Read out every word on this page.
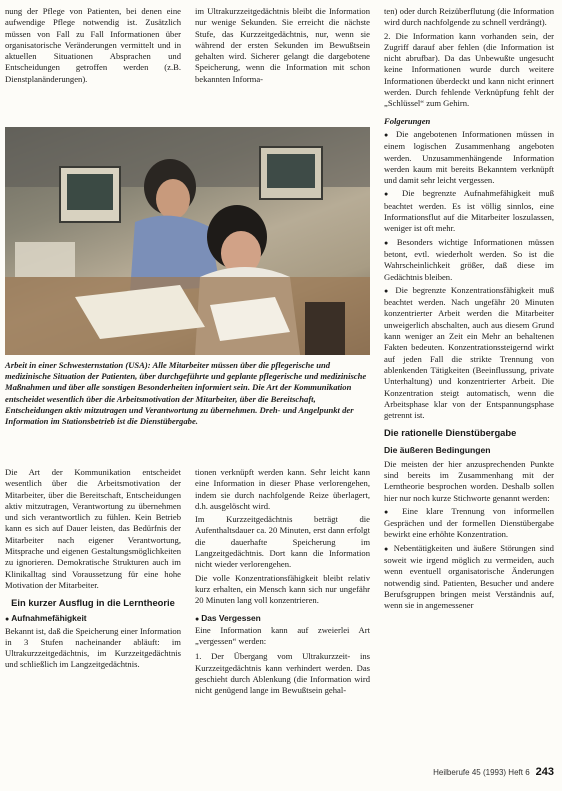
nung der Pflege von Patienten, bei denen eine aufwendige Pflege notwendig ist. Zusätzlich müssen von Fall zu Fall Informationen über organisatorische Veränderungen vermittelt und in aktuellen Situationen Absprachen und Entscheidungen getroffen werden (z.B. Dienstplanänderungen).

im Ultrakurzzeitgedächtnis bleibt die Information nur wenige Sekunden. Sie erreicht die nächste Stufe, das Kurzzeitgedächtnis, nur, wenn sie während der ersten Sekunden im Bewußtsein gehalten wird. Sicherer gelangt die dargebotene Speicherung, wenn die Information mit schon bekannten Informa-

Arbeit in einer Schwesternstation (USA): Alle Mitarbeiter müssen über die pflegerische und medizinische Situation der Patienten, über durchgeführte und geplante pflegerische und medizinische Maßnahmen und über alle sonstigen Besonderheiten informiert sein. Die Art der Kommunikation entscheidet wesentlich über die Arbeitsmotivation der Mitarbeiter, über die Bereitschaft, Entscheidungen aktiv mitzutragen und Verantwortung zu übernehmen. Dreh- und Angelpunkt der Information im Stationsbetrieb ist die Dienstübergabe.

Die Art der Kommunikation entscheidet wesentlich über die Arbeitsmotivation der Mitarbeiter, über die Bereitschaft, Entscheidungen aktiv mitzutragen, Verantwortung zu übernehmen und sich verantwortlich zu fühlen. Kein Betrieb kann es sich auf Dauer leisten, das Bedürfnis der Mitarbeiter nach eigener Verantwortung, Mitsprache und eigenen Gestaltungsmöglichkeiten zu ignorieren. Demokratische Strukturen auch im Klinikalltag sind Voraussetzung für eine hohe Motivation der Mitarbeiter.

Ein kurzer Ausflug in die Lerntheorie

● Aufnahmefähigkeit
Bekannt ist, daß die Speicherung einer Information in 3 Stufen nacheinander abläuft: im Ultrakurzzeitgedächtnis, im Kurzzeitgedächtnis und schließlich im Langzeitgedächtnis.

tionen verknüpft werden kann. Sehr leicht kann eine Information in dieser Phase verlorengehen, indem sie durch nachfolgende Reize überlagert, d.h. ausgelöscht wird.

Im Kurzzeitgedächtnis beträgt die Aufenthaltsdauer ca. 20 Minuten, erst dann erfolgt die dauerhafte Speicherung im Langzeitgedächtnis. Dort kann die Information nicht wieder verlorengehen.

Die volle Konzentrationsfähigkeit bleibt relativ kurz erhalten, ein Mensch kann sich nur ungefähr 20 Minuten lang voll konzentrieren.

● Das Vergessen
Eine Information kann auf zweierlei Art „vergessen“ werden:

1. Der Übergang vom Ultrakurzzeit- ins Kurzzeitgedächtnis kann verhindert werden. Das geschieht durch Ablenkung (die Information wird nicht genügend lange im Bewußtsein gehal-

ten) oder durch Reizüberflutung (die Information wird durch nachfolgende zu schnell verdrängt).

2. Die Information kann vorhanden sein, der Zugriff darauf aber fehlen (die Information ist nicht abrufbar). Da das Unbewußte ungesucht keine Informationen wurde durch weitere Informationen überdeckt und kann nicht erinnert werden. Durch fehlende Verknüpfung fehlt der „Schlüssel“ zum Gehirn.

Folgerungen

● Die angebotenen Informationen müssen in einem logischen Zusammenhang angeboten werden. Unzusammenhängende Information werden kaum mit bereits Bekanntem verknüpft und damit sehr leicht vergessen.

● Die begrenzte Aufnahmefähigkeit muß beachtet werden. Es ist völlig sinnlos, eine Informationsflut auf die Mitarbeiter loszulassen, weniger ist oft mehr.

● Besonders wichtige Informationen müssen betont, evtl. wiederholt werden. So ist die Wahrscheinlichkeit größer, daß diese im Gedächtnis bleiben.

● Die begrenzte Konzentrationsfähigkeit muß beachtet werden. Nach ungefähr 20 Minuten konzentrierter Arbeit werden die Mitarbeiter unweigerlich abschalten, auch aus diesem Grund kann weniger an Zeit ein Mehr an behaltenen Fakten bedeuten. Konzentrationssteigernd wirkt auf jeden Fall die strikte Trennung von ablenkenden Tätigkeiten (Beeinflussung, private Unterhaltung) und konzentrierter Arbeit. Die Konzentration steigt automatisch, wenn die Arbeitsphase klar von der Entspannungsphase getrennt ist.

Die rationelle Dienstübergabe
Die äußeren Bedingungen

Die meisten der hier anzusprechenden Punkte sind bereits im Zusammenhang mit der Lerntheorie besprochen worden. Deshalb sollen hier nur noch kurze Stichworte genannt werden:

● Eine klare Trennung von informellen Gesprächen und der formellen Dienstübergabe bewirkt eine erhöhte Konzentration.

● Nebentätigkeiten und äußere Störungen sind soweit wie irgend möglich zu vermeiden, auch wenn eventuell organisatorische Änderungen notwendig sind. Patienten, Besucher und andere Berufsgruppen bringen meist Verständnis auf, wenn sie in angemessener

Heilberufe 45 (1993) Heft 6 243
